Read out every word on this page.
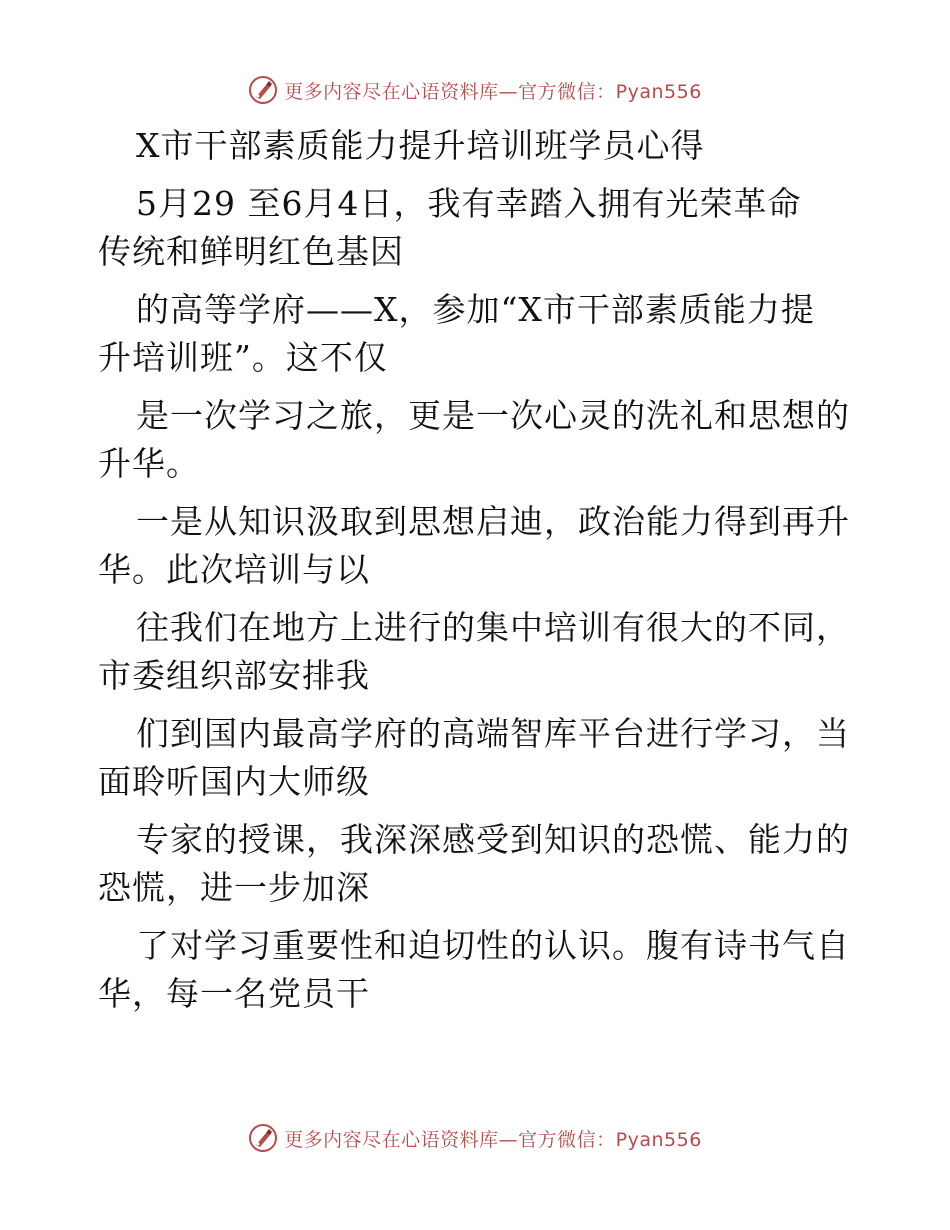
更多内容尽在心语资料库—官方微信：Pyan556

X市干部素质能力提升培训班学员心得

5月29 至6月4日，我有幸踏入拥有光荣革命

传统和鲜明红色基因

的高等学府——X，参加“X市干部素质能力提

升培训班”。这不仅

是一次学习之旅，更是一次心灵的洗礼和思想的

升华。

一是从知识汲取到思想启迪，政治能力得到再升

华。此次培训与以

往我们在地方上进行的集中培训有很大的不同，

市委组织部安排我

们到国内最高学府的高端智库平台进行学习，当

面聆听国内大师级

专家的授课，我深深感受到知识的恐慌、能力的

恐慌，进一步加深

了对学习重要性和迫切性的认识。腹有诗书气自

华，每一名党员干

更多内容尽在心语资料库—官方微信：Pyan556
